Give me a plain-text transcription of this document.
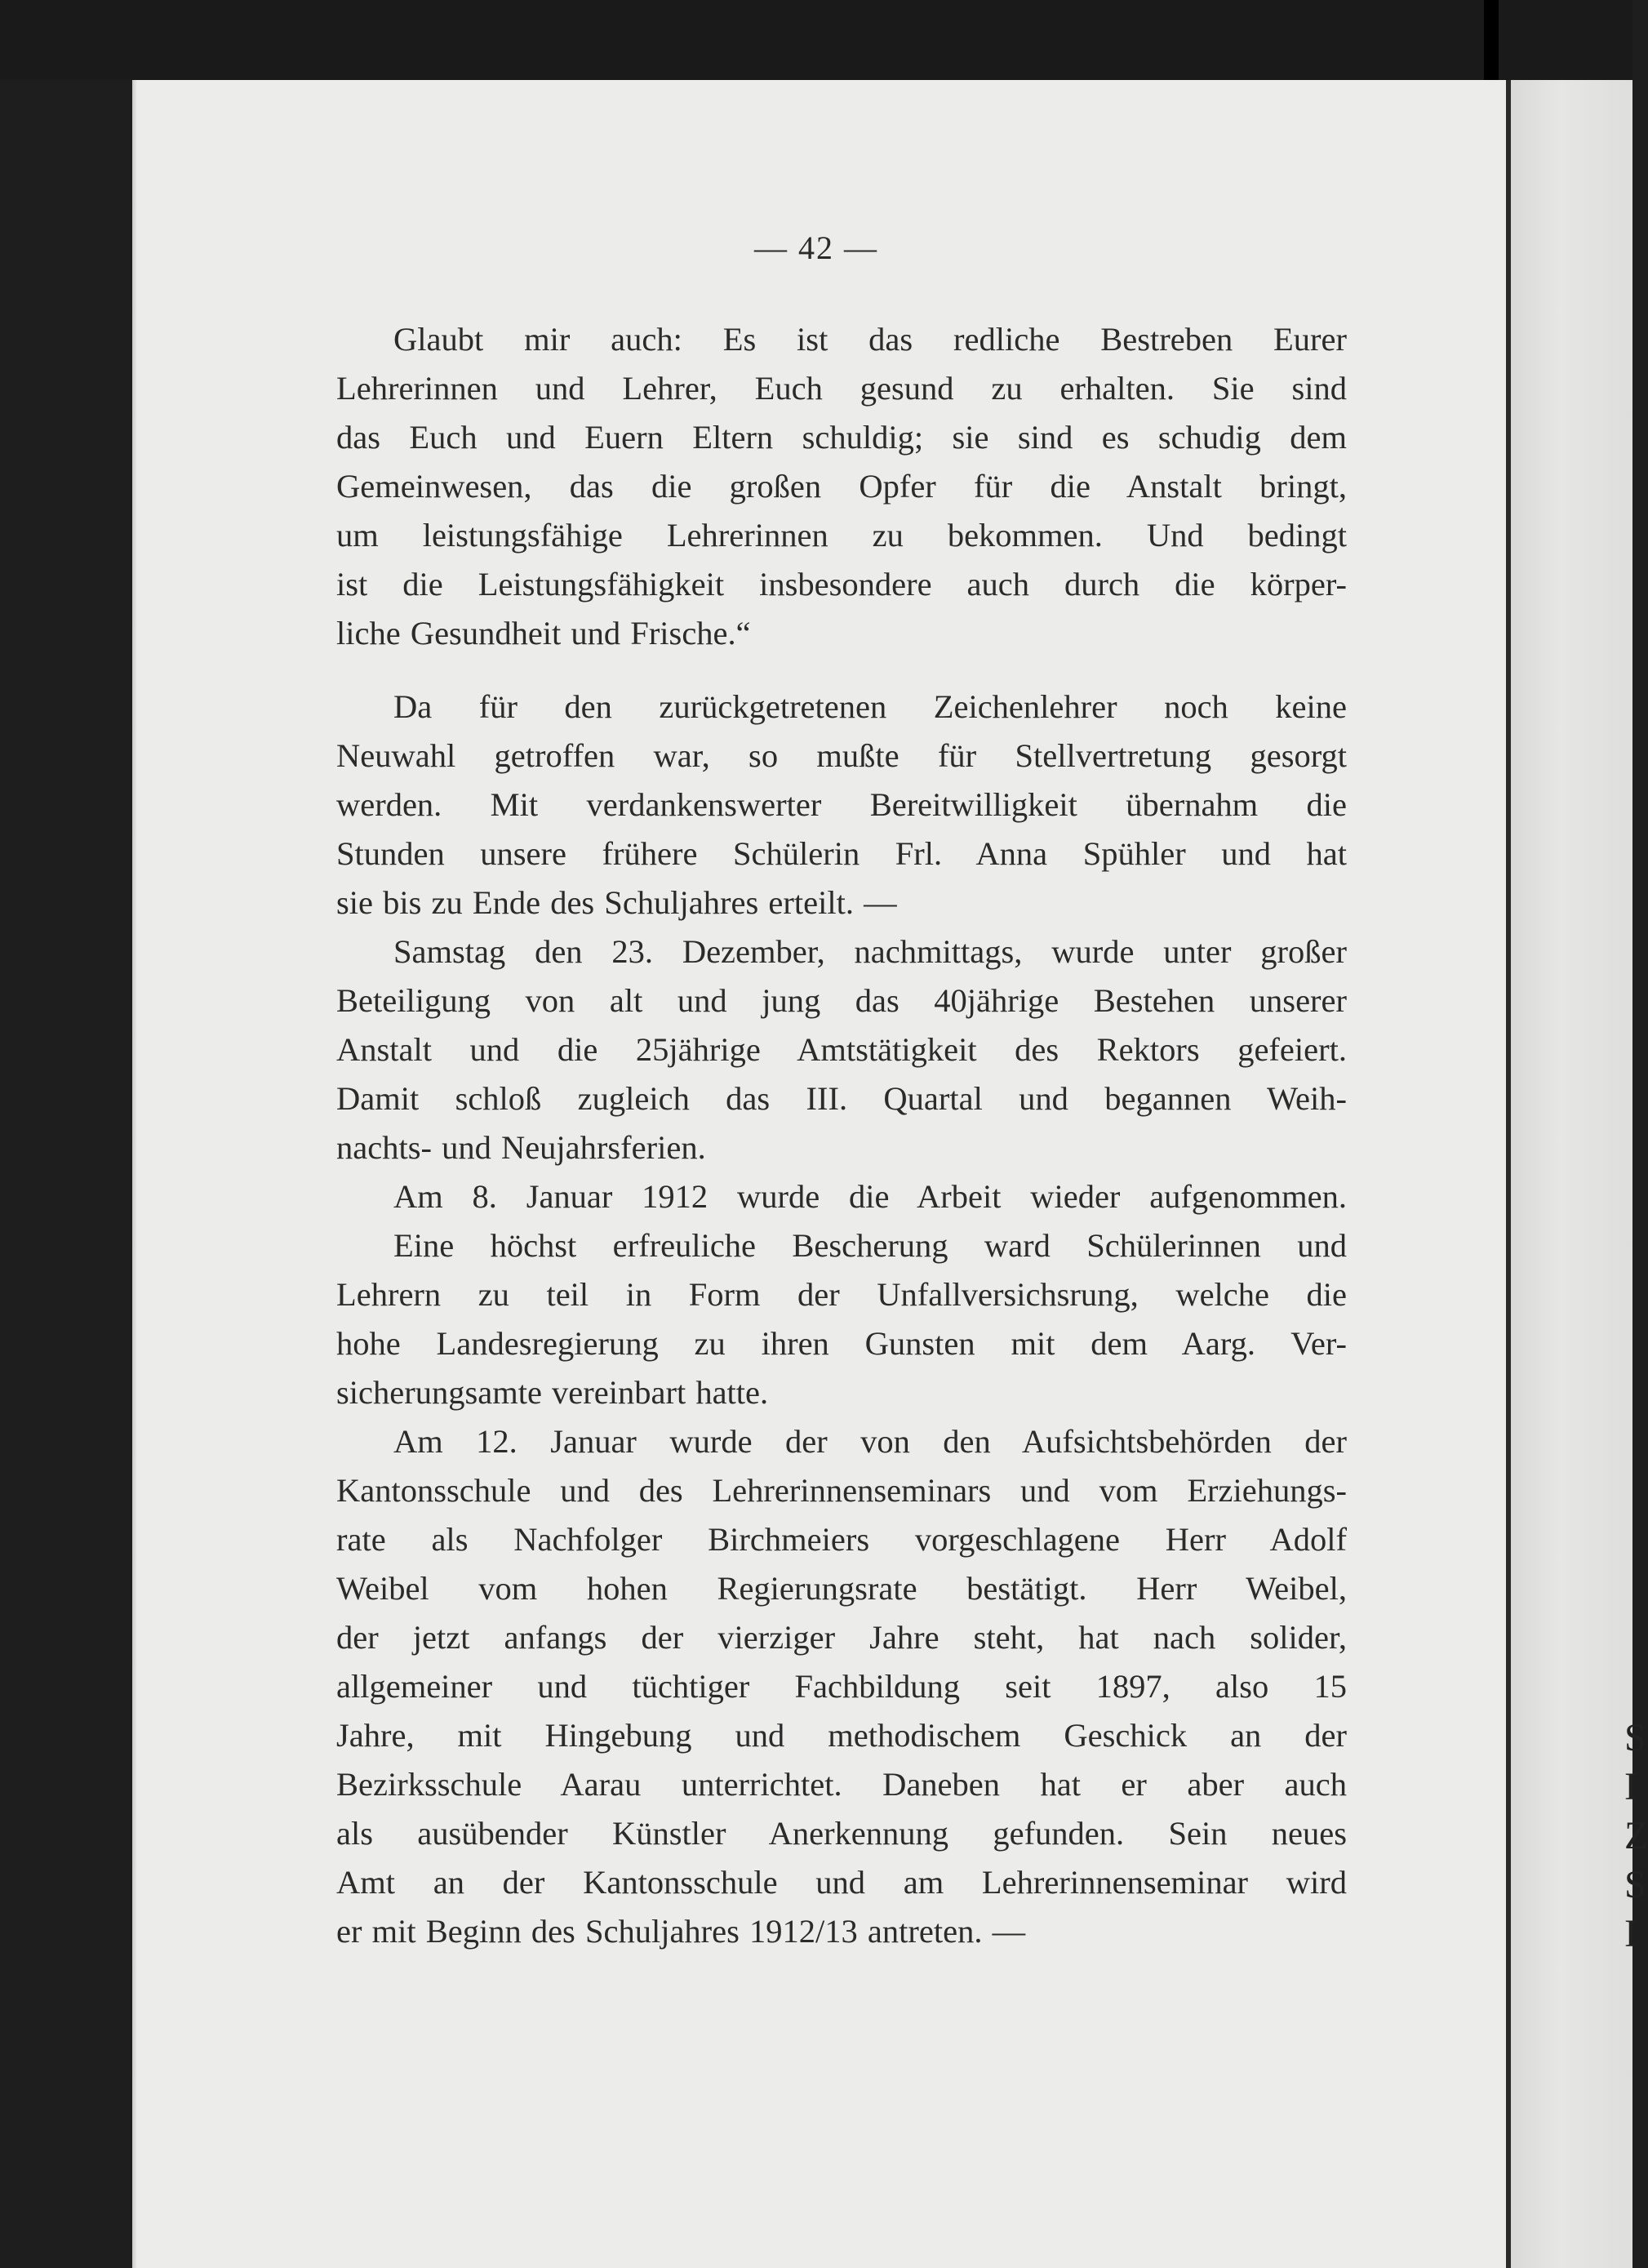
S
I
Z
S
I
— 42 —
Glaubt mir auch: Es ist das redliche Bestreben Eurer
Lehrerinnen und Lehrer, Euch gesund zu erhalten. Sie sind
das Euch und Euern Eltern schuldig; sie sind es schudig dem
Gemeinwesen, das die großen Opfer für die Anstalt bringt,
um leistungsfähige Lehrerinnen zu bekommen. Und bedingt
ist die Leistungsfähigkeit insbesondere auch durch die körper-
liche Gesundheit und Frische.“
Da für den zurückgetretenen Zeichenlehrer noch keine
Neuwahl getroffen war, so mußte für Stellvertretung gesorgt
werden. Mit verdankenswerter Bereitwilligkeit übernahm die
Stunden unsere frühere Schülerin Frl. Anna Spühler und hat
sie bis zu Ende des Schuljahres erteilt. —
Samstag den 23. Dezember, nachmittags, wurde unter großer
Beteiligung von alt und jung das 40jährige Bestehen unserer
Anstalt und die 25jährige Amtstätigkeit des Rektors gefeiert.
Damit schloß zugleich das III. Quartal und begannen Weih-
nachts- und Neujahrsferien.
Am 8. Januar 1912 wurde die Arbeit wieder aufgenommen.
Eine höchst erfreuliche Bescherung ward Schülerinnen und
Lehrern zu teil in Form der Unfallversichsrung, welche die
hohe Landesregierung zu ihren Gunsten mit dem Aarg. Ver-
sicherungsamte vereinbart hatte.
Am 12. Januar wurde der von den Aufsichtsbehörden der
Kantonsschule und des Lehrerinnenseminars und vom Erziehungs-
rate als Nachfolger Birchmeiers vorgeschlagene Herr Adolf
Weibel vom hohen Regierungsrate bestätigt. Herr Weibel,
der jetzt anfangs der vierziger Jahre steht, hat nach solider,
allgemeiner und tüchtiger Fachbildung seit 1897, also 15
Jahre, mit Hingebung und methodischem Geschick an der
Bezirksschule Aarau unterrichtet. Daneben hat er aber auch
als ausübender Künstler Anerkennung gefunden. Sein neues
Amt an der Kantonsschule und am Lehrerinnenseminar wird
er mit Beginn des Schuljahres 1912/13 antreten. —
